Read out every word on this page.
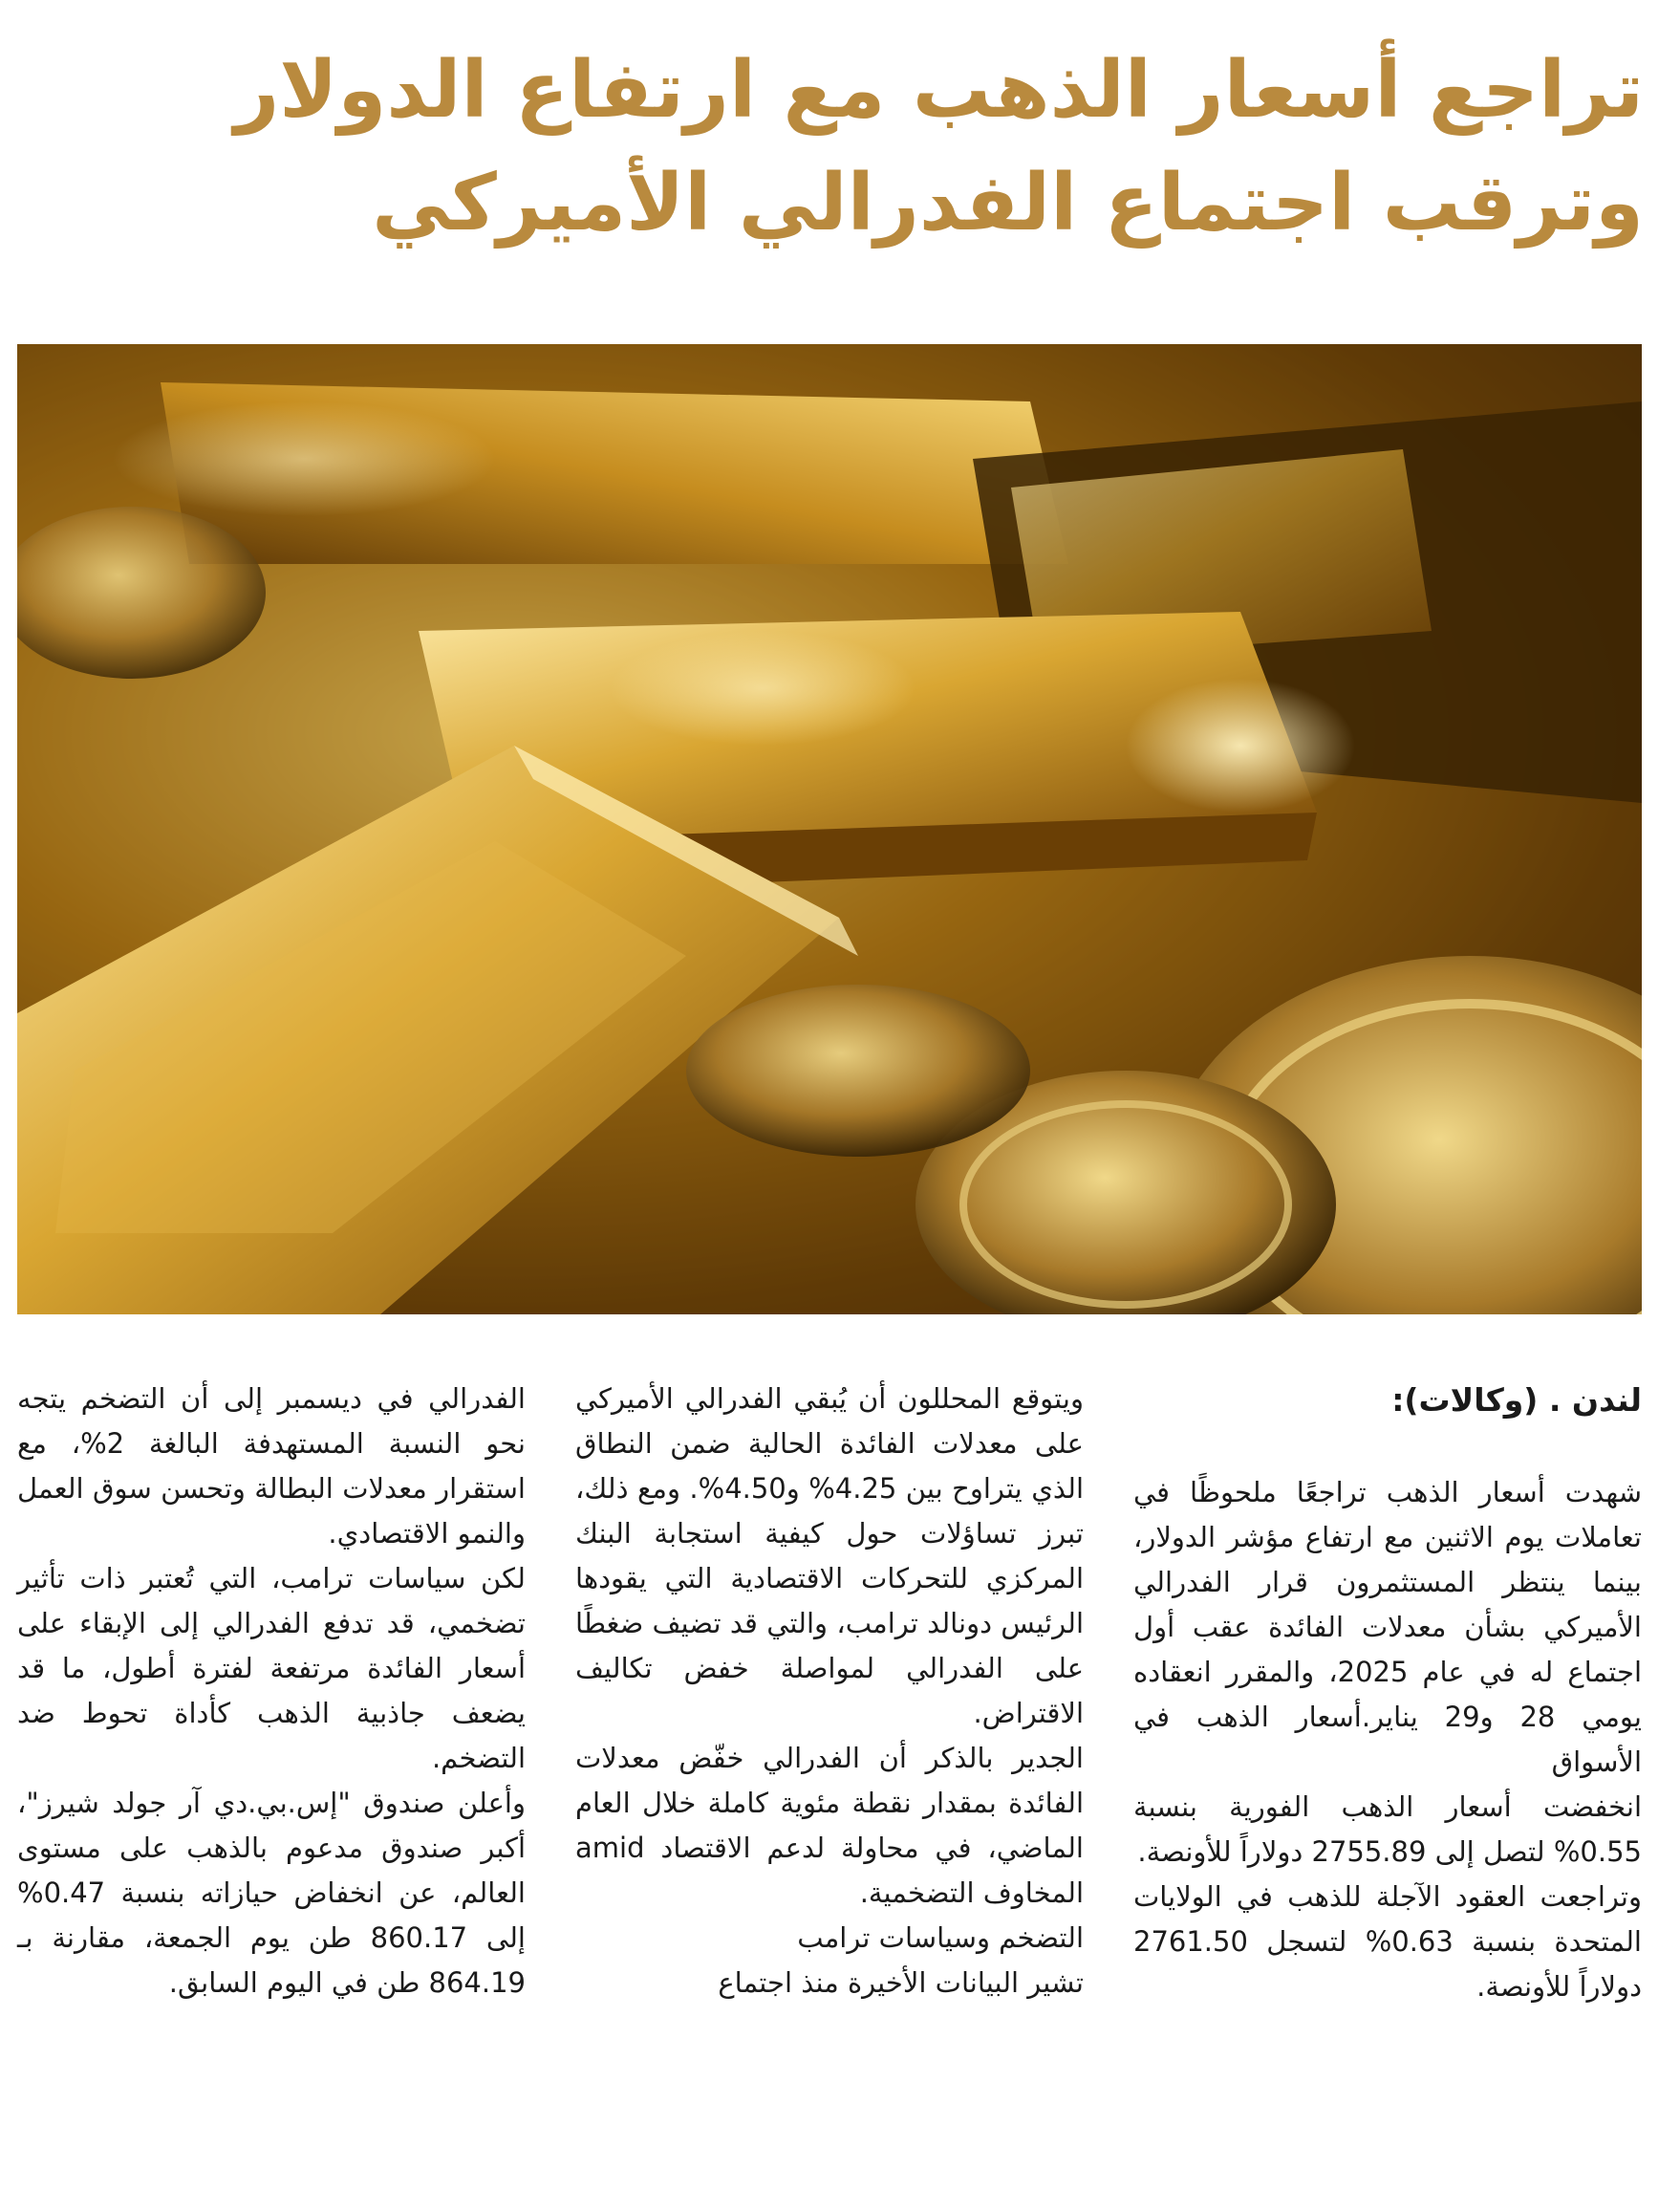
تراجع أسعار الذهب مع ارتفاع الدولار وترقب اجتماع الفدرالي الأميركي

لندن . (وكالات):

شهدت أسعار الذهب تراجعًا ملحوظًا في تعاملات يوم الاثنين مع ارتفاع مؤشر الدولار، بينما ينتظر المستثمرون قرار الفدرالي الأميركي بشأن معدلات الفائدة عقب أول اجتماع له في عام 2025، والمقرر انعقاده يومي 28 و29 يناير.أسعار الذهب في الأسواق

انخفضت أسعار الذهب الفورية بنسبة 0.55% لتصل إلى 2755.89 دولاراً للأونصة.

وتراجعت العقود الآجلة للذهب في الولايات المتحدة بنسبة 0.63% لتسجل 2761.50 دولاراً للأونصة.

ويتوقع المحللون أن يُبقي الفدرالي الأميركي على معدلات الفائدة الحالية ضمن النطاق الذي يتراوح بين 4.25% و4.50%. ومع ذلك، تبرز تساؤلات حول كيفية استجابة البنك المركزي للتحركات الاقتصادية التي يقودها الرئيس دونالد ترامب، والتي قد تضيف ضغطًا على الفدرالي لمواصلة خفض تكاليف الاقتراض.

الجدير بالذكر أن الفدرالي خفّض معدلات الفائدة بمقدار نقطة مئوية كاملة خلال العام الماضي، في محاولة لدعم الاقتصاد amid المخاوف التضخمية.

التضخم وسياسات ترامب

تشير البيانات الأخيرة منذ اجتماع

الفدرالي في ديسمبر إلى أن التضخم يتجه نحو النسبة المستهدفة البالغة 2%، مع استقرار معدلات البطالة وتحسن سوق العمل والنمو الاقتصادي.

لكن سياسات ترامب، التي تُعتبر ذات تأثير تضخمي، قد تدفع الفدرالي إلى الإبقاء على أسعار الفائدة مرتفعة لفترة أطول، ما قد يضعف جاذبية الذهب كأداة تحوط ضد التضخم.

وأعلن صندوق "إس.بي.دي آر جولد شيرز"، أكبر صندوق مدعوم بالذهب على مستوى العالم، عن انخفاض حيازاته بنسبة 0.47% إلى 860.17 طن يوم الجمعة، مقارنة بـ 864.19 طن في اليوم السابق.
